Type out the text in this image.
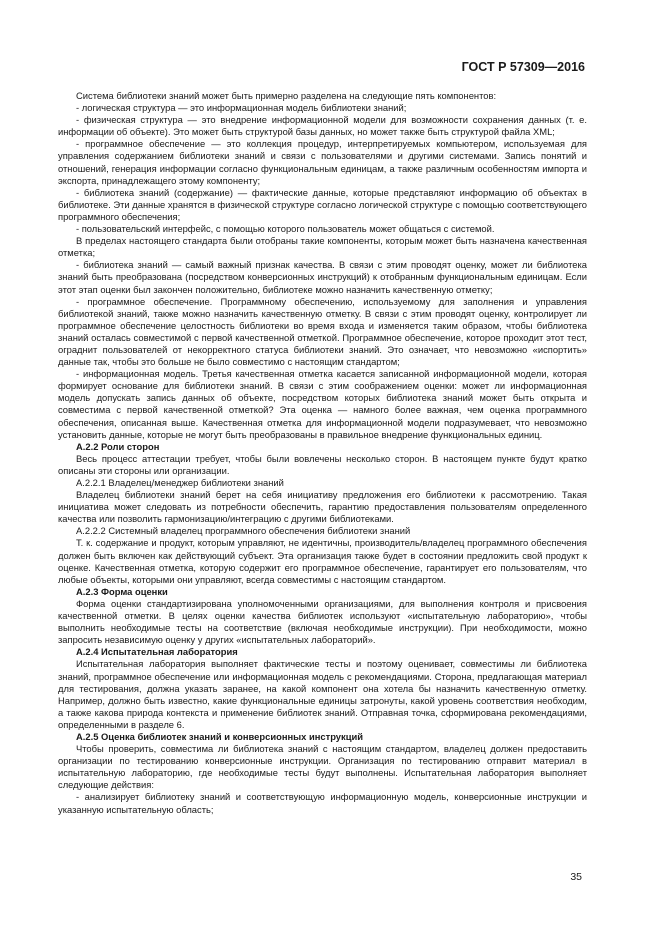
ГОСТ Р 57309—2016

Система библиотеки знаний может быть примерно разделена на следующие пять компонентов:

- логическая структура — это информационная модель библиотеки знаний;

- физическая структура — это внедрение информационной модели для возможности сохранения данных (т. е. информации об объекте). Это может быть структурой базы данных, но может также быть структурой файла XML;

- программное обеспечение — это коллекция процедур, интерпретируемых компьютером, используемая для управления содержанием библиотеки знаний и связи с пользователями и другими системами. Запись понятий и отношений, генерация информации согласно функциональным единицам, а также различным особенностям импорта и экспорта, принадлежащего этому компоненту;

- библиотека знаний (содержание) — фактические данные, которые представляют информацию об объектах в библиотеке. Эти данные хранятся в физической структуре согласно логической структуре с помощью соответствующего программного обеспечения;

- пользовательский интерфейс, с помощью которого пользователь может общаться с системой.

В пределах настоящего стандарта были отобраны такие компоненты, которым может быть назначена качественная отметка;

- библиотека знаний — самый важный признак качества. В связи с этим проводят оценку, может ли библиотека знаний быть преобразована (посредством конверсионных инструкций) к отобранным функциональным единицам. Если этот этап оценки был закончен положительно, библиотеке можно назначить качественную отметку;

- программное обеспечение. Программному обеспечению, используемому для заполнения и управления библиотекой знаний, также можно назначить качественную отметку. В связи с этим проводят оценку, контролирует ли программное обеспечение целостность библиотеки во время входа и изменяется таким образом, чтобы библиотека знаний осталась совместимой с первой качественной отметкой. Программное обеспечение, которое проходит этот тест, ограднит пользователей от некорректного статуса библиотеки знаний. Это означает, что невозможно «испортить» данные так, чтобы это больше не было совместимо с настоящим стандартом;

- информационная модель. Третья качественная отметка касается записанной информационной модели, которая формирует основание для библиотеки знаний. В связи с этим соображением оценки: может ли информационная модель допускать запись данных об объекте, посредством которых библиотека знаний может быть открыта и совместима с первой качественной отметкой? Эта оценка — намного более важная, чем оценка программного обеспечения, описанная выше. Качественная отметка для информационной модели подразумевает, что невозможно установить данные, которые не могут быть преобразованы в правильное внедрение функциональных единиц.

А.2.2 Роли сторон

Весь процесс аттестации требует, чтобы были вовлечены несколько сторон. В настоящем пункте будут кратко описаны эти стороны или организации.

А.2.2.1 Владелец/менеджер библиотеки знаний

Владелец библиотеки знаний берет на себя инициативу предложения его библиотеки к рассмотрению. Такая инициатива может следовать из потребности обеспечить, гарантию предоставления пользователям определенного качества или позволить гармонизацию/интеграцию с другими библиотеками.

А.2.2.2 Системный владелец программного обеспечения библиотеки знаний

Т. к. содержание и продукт, которым управляют, не идентичны, производитель/владелец программного обеспечения должен быть включен как действующий субъект. Эта организация также будет в состоянии предложить свой продукт к оценке. Качественная отметка, которую содержит его программное обеспечение, гарантирует его пользователям, что любые объекты, которыми они управляют, всегда совместимы с настоящим стандартом.

А.2.3 Форма оценки

Форма оценки стандартизирована уполномоченными организациями, для выполнения контроля и присвоения качественной отметки. В целях оценки качества библиотек используют «испытательную лабораторию», чтобы выполнить необходимые тесты на соответствие (включая необходимые инструкции). При необходимости, можно запросить независимую оценку у других «испытательных лабораторий».

А.2.4 Испытательная лаборатория

Испытательная лаборатория выполняет фактические тесты и поэтому оценивает, совместимы ли библиотека знаний, программное обеспечение или информационная модель с рекомендациями. Сторона, предлагающая материал для тестирования, должна указать заранее, на какой компонент она хотела бы назначить качественную отметку. Например, должно быть известно, какие функциональные единицы затронуты, какой уровень соответствия необходим, а также какова природа контекста и применение библиотек знаний. Отправная точка, сформирована рекомендациями, определенными в разделе 6.

А.2.5 Оценка библиотек знаний и конверсионных инструкций

Чтобы проверить, совместима ли библиотека знаний с настоящим стандартом, владелец должен предоставить организации по тестированию конверсионные инструкции. Организация по тестированию отправит материал в испытательную лабораторию, где необходимые тесты будут выполнены. Испытательная лаборатория выполняет следующие действия:

- анализирует библиотеку знаний и соответствующую информационную модель, конверсионные инструкции и указанную испытательную область;

35
